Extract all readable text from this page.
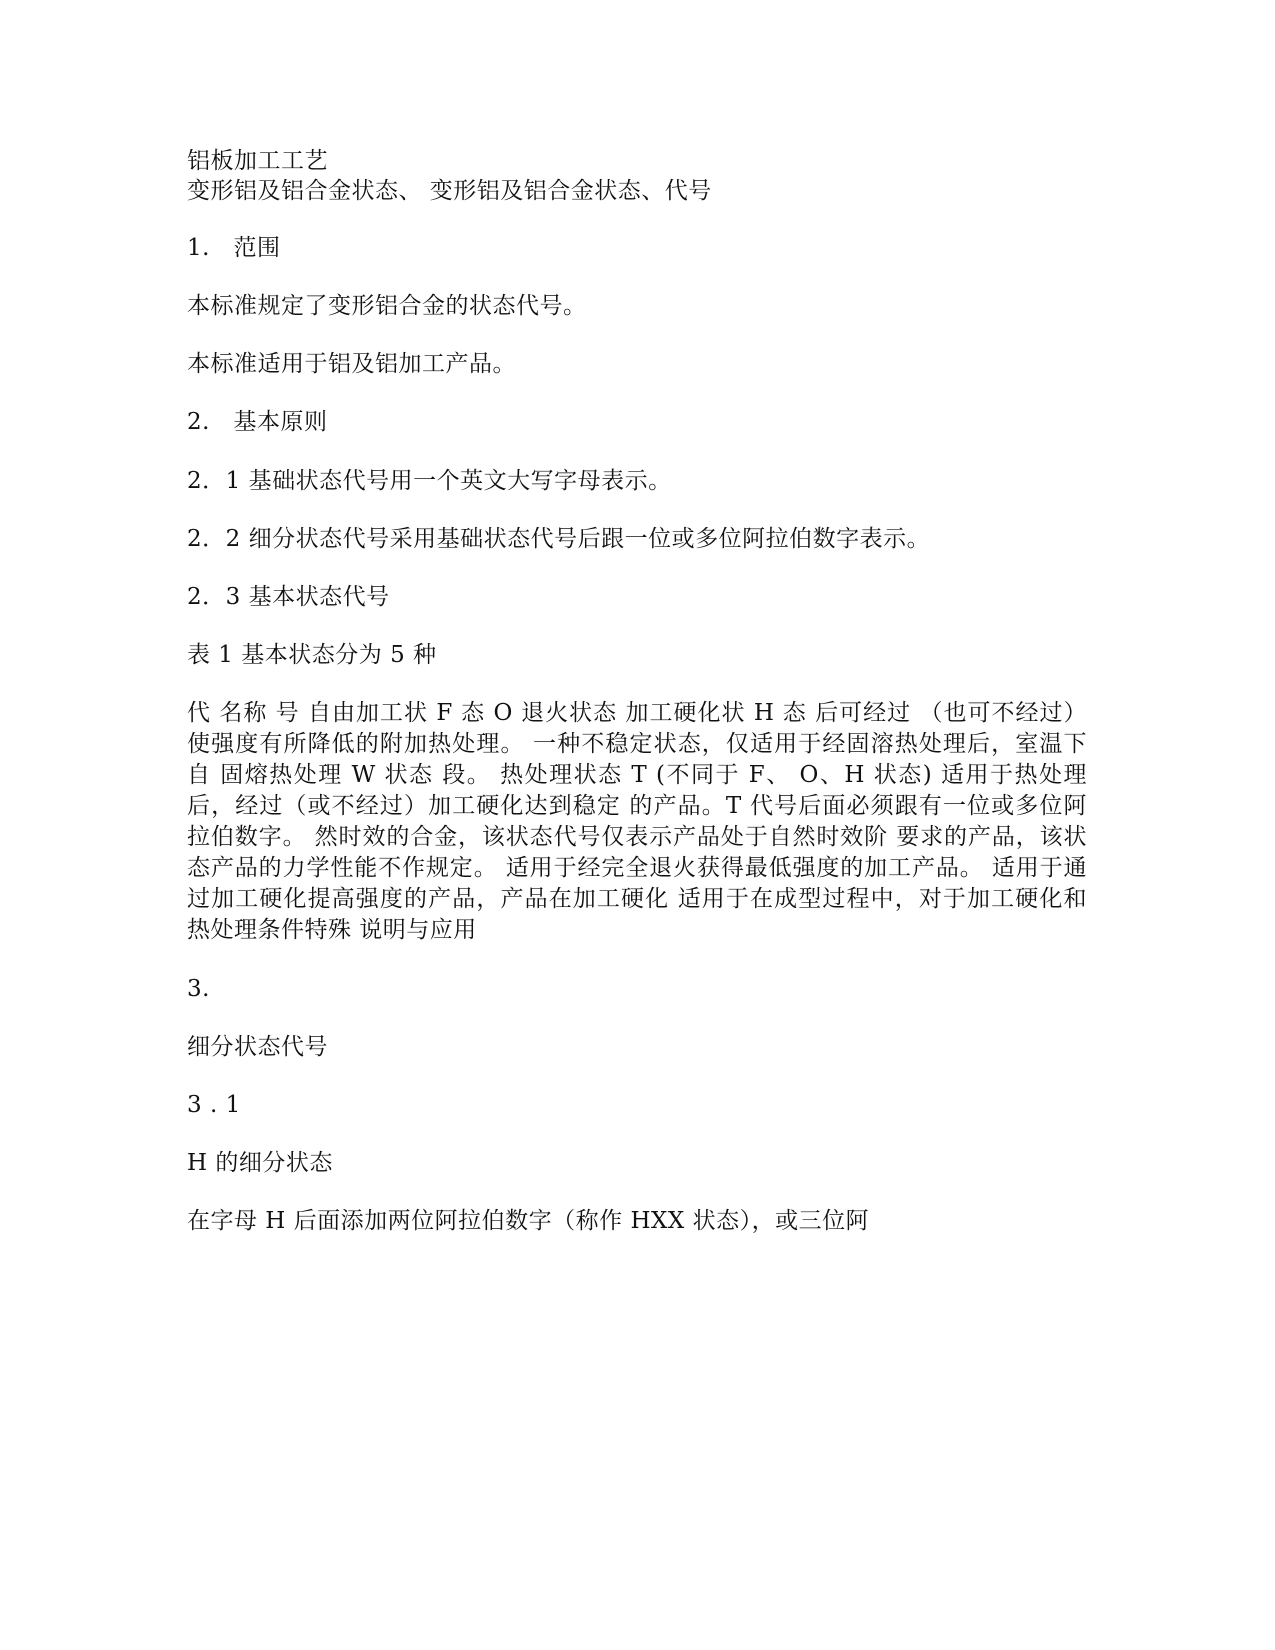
铝板加工工艺
变形铝及铝合金状态、 变形铝及铝合金状态、代号
1.　范围
本标准规定了变形铝合金的状态代号。
本标准适用于铝及铝加工产品。
2.　基本原则
2．1 基础状态代号用一个英文大写字母表示。
2．2 细分状态代号采用基础状态代号后跟一位或多位阿拉伯数字表示。
2．3 基本状态代号
表 1 基本状态分为 5 种
代 名称 号 自由加工状 F 态 O 退火状态 加工硬化状 H 态 后可经过 （也可不经过） 使强度有所降低的附加热处理。 一种不稳定状态，仅适用于经固溶热处理后，室温下自 固熔热处理 W 状态 段。 热处理状态 T (不同于 F、 O、H 状态) 适用于热处理后，经过（或不经过）加工硬化达到稳定 的产品。T 代号后面必须跟有一位或多位阿拉伯数字。 然时效的合金，该状态代号仅表示产品处于自然时效阶 要求的产品，该状态产品的力学性能不作规定。 适用于经完全退火获得最低强度的加工产品。 适用于通过加工硬化提高强度的产品，产品在加工硬化 适用于在成型过程中，对于加工硬化和热处理条件特殊 说明与应用
3.
细分状态代号
3 . 1
H 的细分状态
在字母 H 后面添加两位阿拉伯数字（称作 HXX 状态），或三位阿
